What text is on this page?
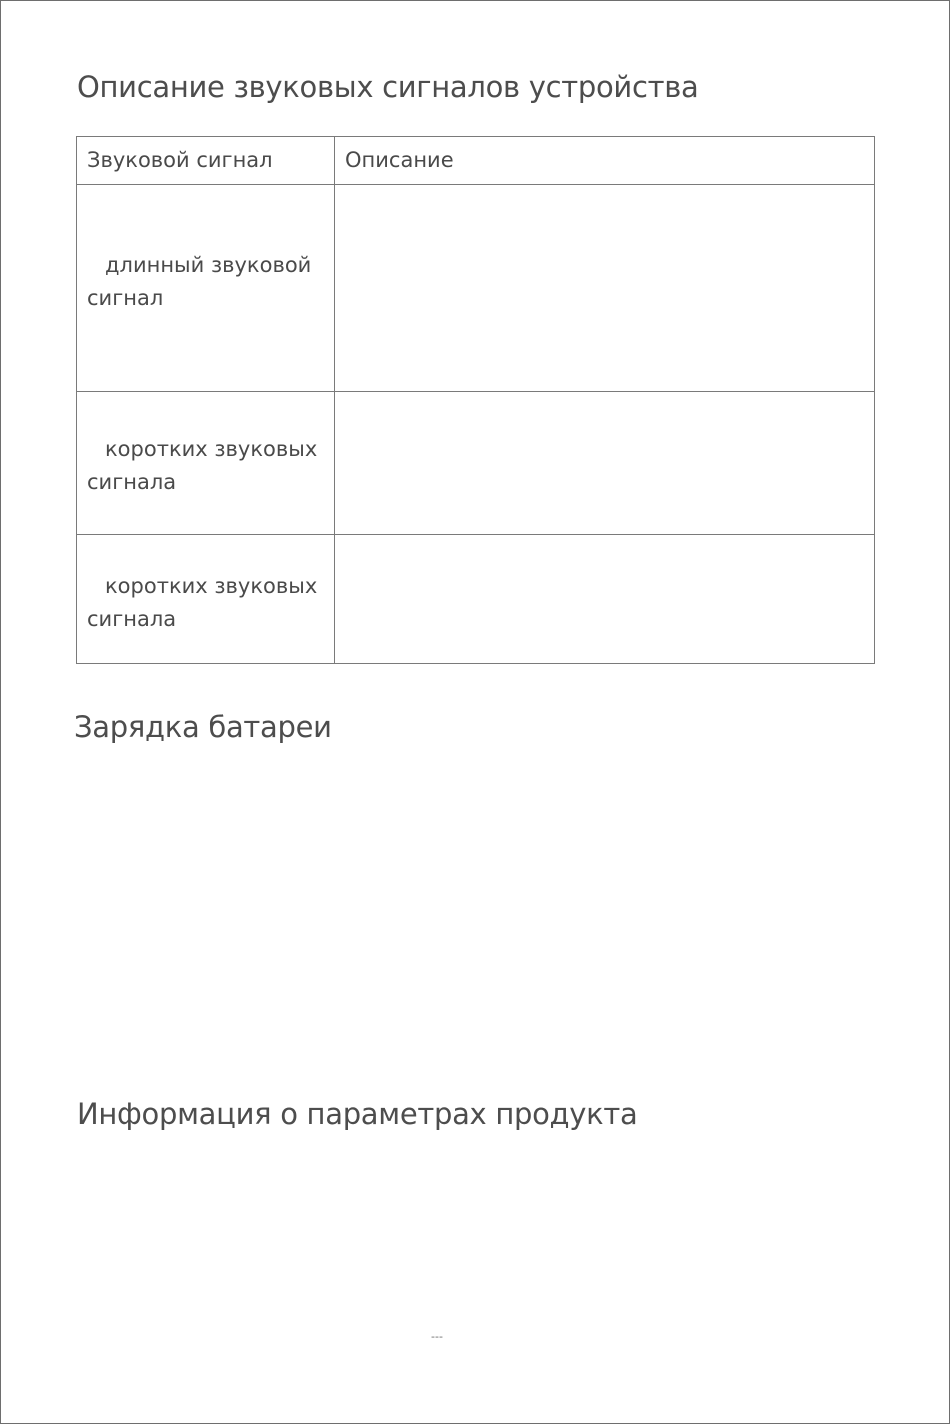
Описание звуковых сигналов устройства
Звуковой сигнал	Описание
длинный звуковой
сигнал	
коротких звуковых
сигнала	
коротких звуковых
сигнала	
Зарядка батареи
Информация о параметрах продукта
---
